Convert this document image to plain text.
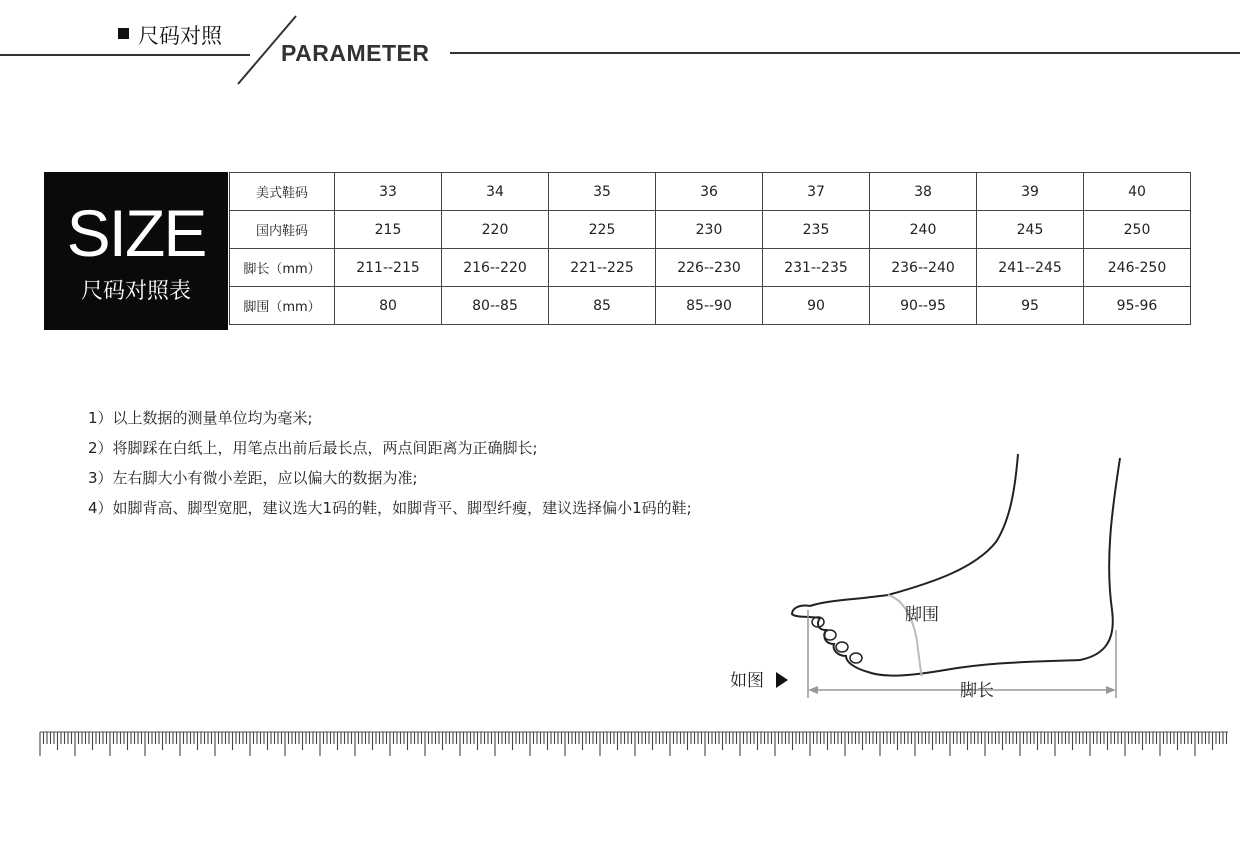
尺码对照
PARAMETER
SIZE
尺码对照表
美式鞋码	33	34	35	36	37	38	39	40
国内鞋码	215	220	225	230	235	240	245	250
脚长（mm）	211--215	216--220	221--225	226--230	231--235	236--240	241--245	246-250
脚围（mm）	80	80--85	85	85--90	90	90--95	95	95-96
1）以上数据的测量单位均为毫米;
2）将脚踩在白纸上，用笔点出前后最长点，两点间距离为正确脚长;
3）左右脚大小有微小差距，应以偏大的数据为准;
4）如脚背高、脚型宽肥，建议选大1码的鞋，如脚背平、脚型纤瘦，建议选择偏小1码的鞋;
脚围
脚长
如图
